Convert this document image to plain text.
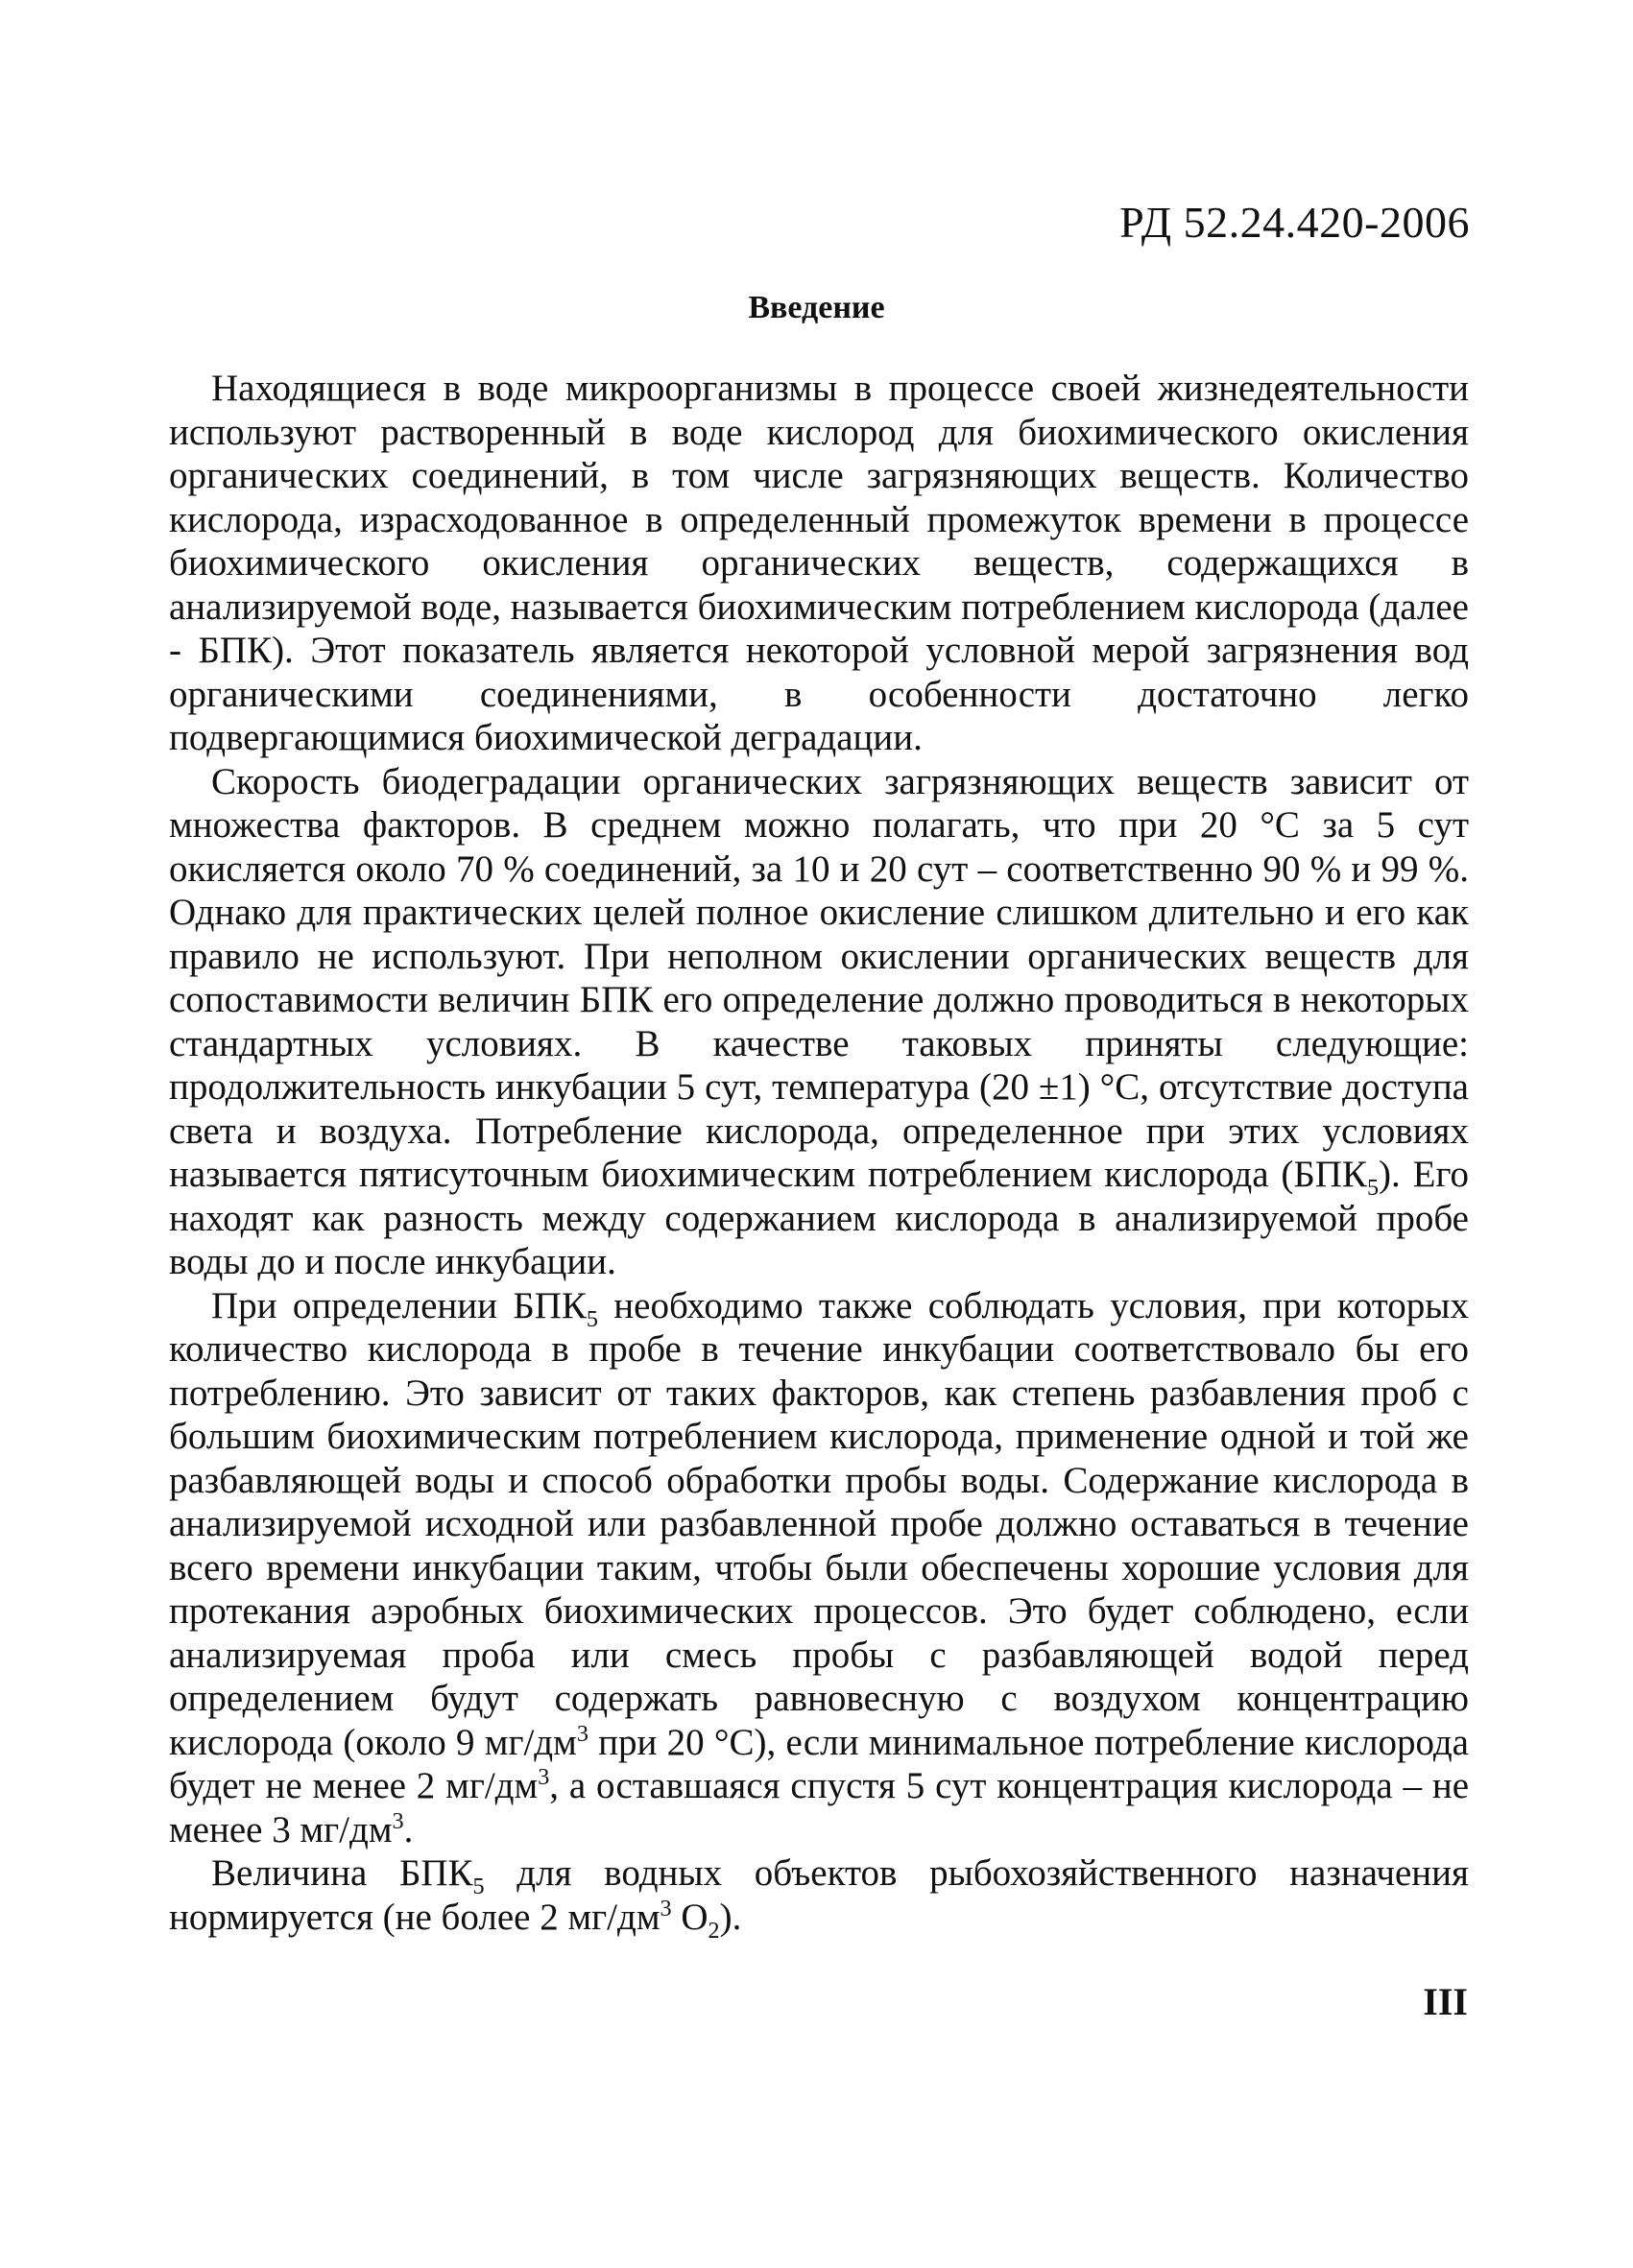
РД 52.24.420-2006
Введение

Находящиеся в воде микроорганизмы в процессе своей жизнедеятельности используют растворенный в воде кислород для биохимического окисления органических соединений, в том числе загрязняющих веществ. Количество кислорода, израсходованное в определенный промежуток времени в процессе биохимического окисления органических веществ, содержащихся в анализируемой воде, называется биохимическим потреблением кислорода (далее - БПК). Этот показатель является некоторой условной мерой загрязнения вод органическими соединениями, в особенности достаточно легко подвергающимися биохимической деградации.

Скорость биодеградации органических загрязняющих веществ зависит от множества факторов. В среднем можно полагать, что при 20 °С за 5 сут окисляется около 70 % соединений, за 10 и 20 сут – соответственно 90 % и 99 %. Однако для практических целей полное окисление слишком длительно и его как правило не используют. При неполном окислении органических веществ для сопоставимости величин БПК его определение должно проводиться в некоторых стандартных условиях. В качестве таковых приняты следующие: продолжительность инкубации 5 сут, температура (20 ±1) °С, отсутствие доступа света и воздуха. Потребление кислорода, определенное при этих условиях называется пятисуточным биохимическим потреблением кислорода $(БПК_5)$. Его находят как разность между содержанием кислорода в анализируемой пробе воды до и после инкубации.

При определении $БПК_5$ необходимо также соблюдать условия, при которых количество кислорода в пробе в течение инкубации соответствовало бы его потреблению. Это зависит от таких факторов, как степень разбавления проб с большим биохимическим потреблением кислорода, применение одной и той же разбавляющей воды и способ обработки пробы воды. Содержание кислорода в анализируемой исходной или разбавленной пробе должно оставаться в течение всего времени инкубации таким, чтобы были обеспечены хорошие условия для протекания аэробных биохимических процессов. Это будет соблюдено, если анализируемая проба или смесь пробы с разбавляющей водой перед определением будут содержать равновесную с воздухом концентрацию кислорода (около 9 $мг/дм^3$ при 20 °С), если минимальное потребление кислорода будет не менее 2 $мг/дм^3$, а оставшаяся спустя 5 сут концентрация кислорода – не менее 3 $мг/дм^3$.

Величина $БПК_5$ для водных объектов рыбохозяйственного назначения нормируется (не более 2 $мг/дм^3$ $О_2$).

III
